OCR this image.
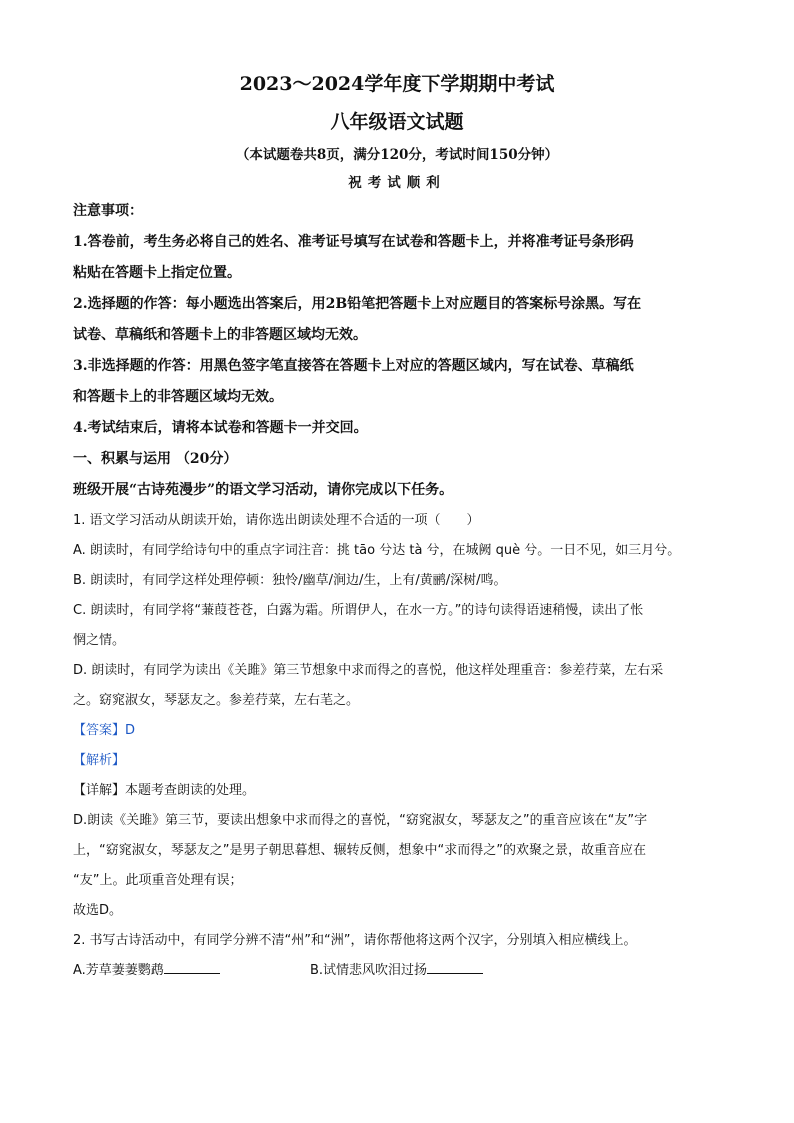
2023～2024学年度下学期期中考试

八年级语文试题

（本试题卷共8页，满分120分，考试时间150分钟）

祝考试顺利

注意事项：

1.答卷前，考生务必将自己的姓名、准考证号填写在试卷和答题卡上，并将准考证号条形码

粘贴在答题卡上指定位置。

2.选择题的作答：每小题选出答案后，用2B铅笔把答题卡上对应题目的答案标号涂黑。写在

试卷、草稿纸和答题卡上的非答题区域均无效。

3.非选择题的作答：用黑色签字笔直接答在答题卡上对应的答题区域内，写在试卷、草稿纸

和答题卡上的非答题区域均无效。

4.考试结束后，请将本试卷和答题卡一并交回。

一、积累与运用 （20分）

班级开展“古诗苑漫步”的语文学习活动，请你完成以下任务。

1. 语文学习活动从朗读开始，请你选出朗读处理不合适的一项（　　）

A. 朗读时，有同学给诗句中的重点字词注音：挑 tāo 兮达 tà 兮，在城阙 què 兮。一日不见，如三月兮。

B. 朗读时，有同学这样处理停顿：独怜/幽草/涧边/生，上有/黄鹂/深树/鸣。

C. 朗读时，有同学将“蒹葭苍苍，白露为霜。所谓伊人，在水一方。”的诗句读得语速稍慢，读出了怅

惘之情。

D. 朗读时，有同学为读出《关雎》第三节想象中求而得之的喜悦，他这样处理重音：参差荇菜，左右采

之。窈窕淑女，琴瑟友之。参差荇菜，左右芼之。

【答案】D

【解析】

【详解】本题考查朗读的处理。

D.朗读《关雎》第三节，要读出想象中求而得之的喜悦，“窈窕淑女，琴瑟友之”的重音应该在“友”字

上，“窈窕淑女，琴瑟友之”是男子朝思暮想、辗转反侧，想象中“求而得之”的欢聚之景，故重音应在

“友”上。此项重音处理有误；

故选D。

2. 书写古诗活动中，有同学分辨不清“州”和“洲”，请你帮他将这两个汉字，分别填入相应横线上。

A.芳草萋萋鹦鹉	B.试情悲风吹泪过扬
